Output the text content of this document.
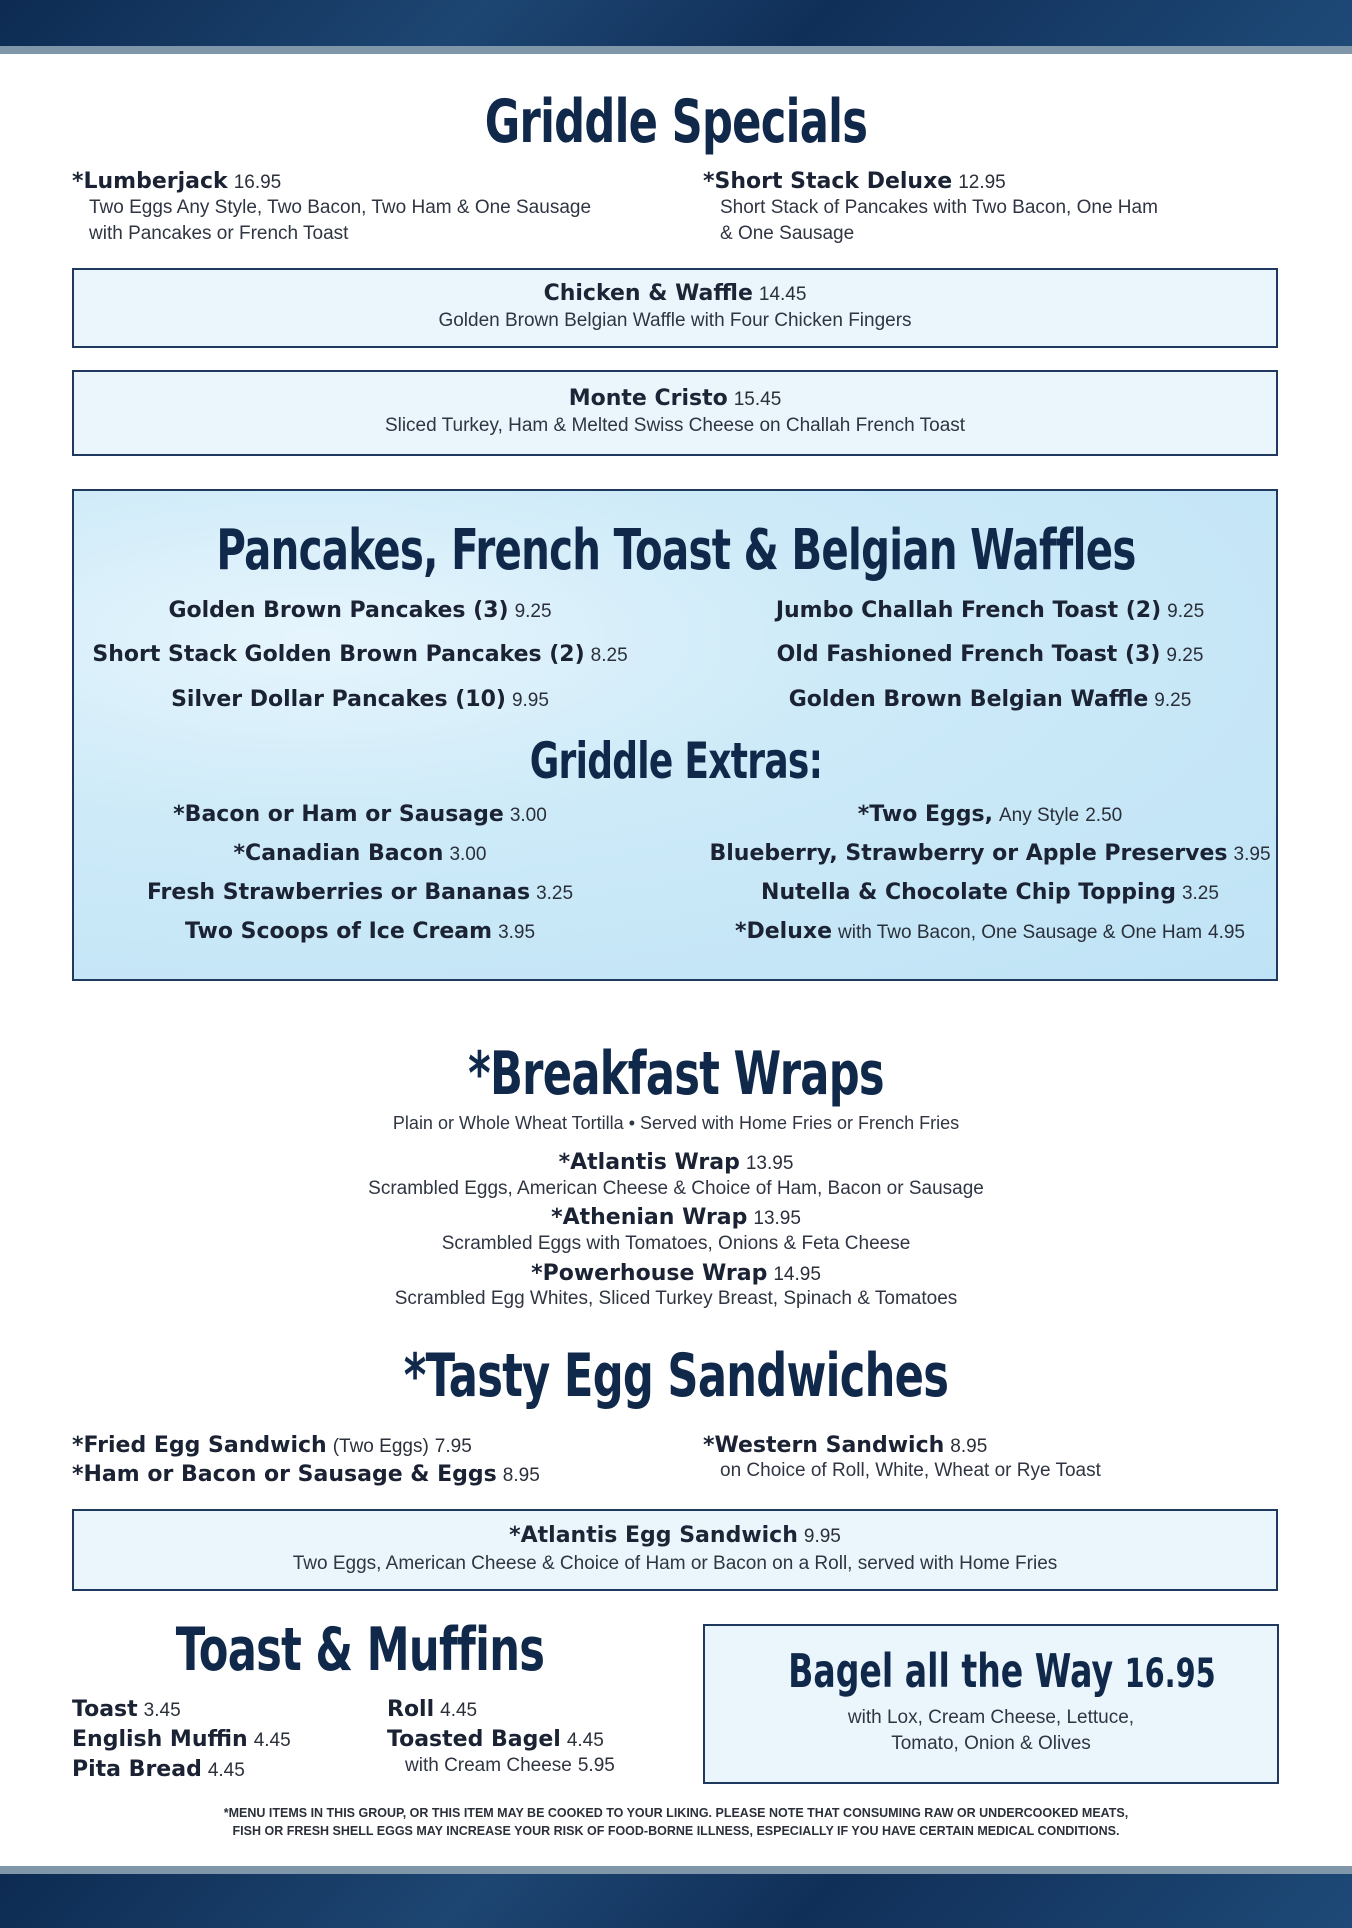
Griddle Specials
*Lumberjack 16.95
Two Eggs Any Style, Two Bacon, Two Ham & One Sausage
with Pancakes or French Toast
*Short Stack Deluxe 12.95
Short Stack of Pancakes with Two Bacon, One Ham
& One Sausage
Chicken & Waffle 14.45
Golden Brown Belgian Waffle with Four Chicken Fingers
Monte Cristo 15.45
Sliced Turkey, Ham & Melted Swiss Cheese on Challah French Toast
Pancakes, French Toast & Belgian Waffles
Golden Brown Pancakes (3) 9.25
Short Stack Golden Brown Pancakes (2) 8.25
Silver Dollar Pancakes (10) 9.95
Jumbo Challah French Toast (2) 9.25
Old Fashioned French Toast (3) 9.25
Golden Brown Belgian Waffle 9.25
Griddle Extras:
*Bacon or Ham or Sausage 3.00
*Canadian Bacon 3.00
Fresh Strawberries or Bananas 3.25
Two Scoops of Ice Cream 3.95
*Two Eggs, Any Style 2.50
Blueberry, Strawberry or Apple Preserves 3.95
Nutella & Chocolate Chip Topping 3.25
*Deluxe with Two Bacon, One Sausage & One Ham 4.95
*Breakfast Wraps
Plain or Whole Wheat Tortilla • Served with Home Fries or French Fries
*Atlantis Wrap 13.95
Scrambled Eggs, American Cheese & Choice of Ham, Bacon or Sausage
*Athenian Wrap 13.95
Scrambled Eggs with Tomatoes, Onions & Feta Cheese
*Powerhouse Wrap 14.95
Scrambled Egg Whites, Sliced Turkey Breast, Spinach & Tomatoes
*Tasty Egg Sandwiches
*Fried Egg Sandwich (Two Eggs) 7.95
*Ham or Bacon or Sausage & Eggs 8.95
*Western Sandwich 8.95
on Choice of Roll, White, Wheat or Rye Toast
*Atlantis Egg Sandwich 9.95
Two Eggs, American Cheese & Choice of Ham or Bacon on a Roll, served with Home Fries
Toast & Muffins
Toast 3.45
English Muffin 4.45
Pita Bread 4.45
Roll 4.45
Toasted Bagel 4.45
with Cream Cheese 5.95
Bagel all the Way 16.95
with Lox, Cream Cheese, Lettuce,
Tomato, Onion & Olives
*MENU ITEMS IN THIS GROUP, OR THIS ITEM MAY BE COOKED TO YOUR LIKING. PLEASE NOTE THAT CONSUMING RAW OR UNDERCOOKED MEATS,
FISH OR FRESH SHELL EGGS MAY INCREASE YOUR RISK OF FOOD-BORNE ILLNESS, ESPECIALLY IF YOU HAVE CERTAIN MEDICAL CONDITIONS.
